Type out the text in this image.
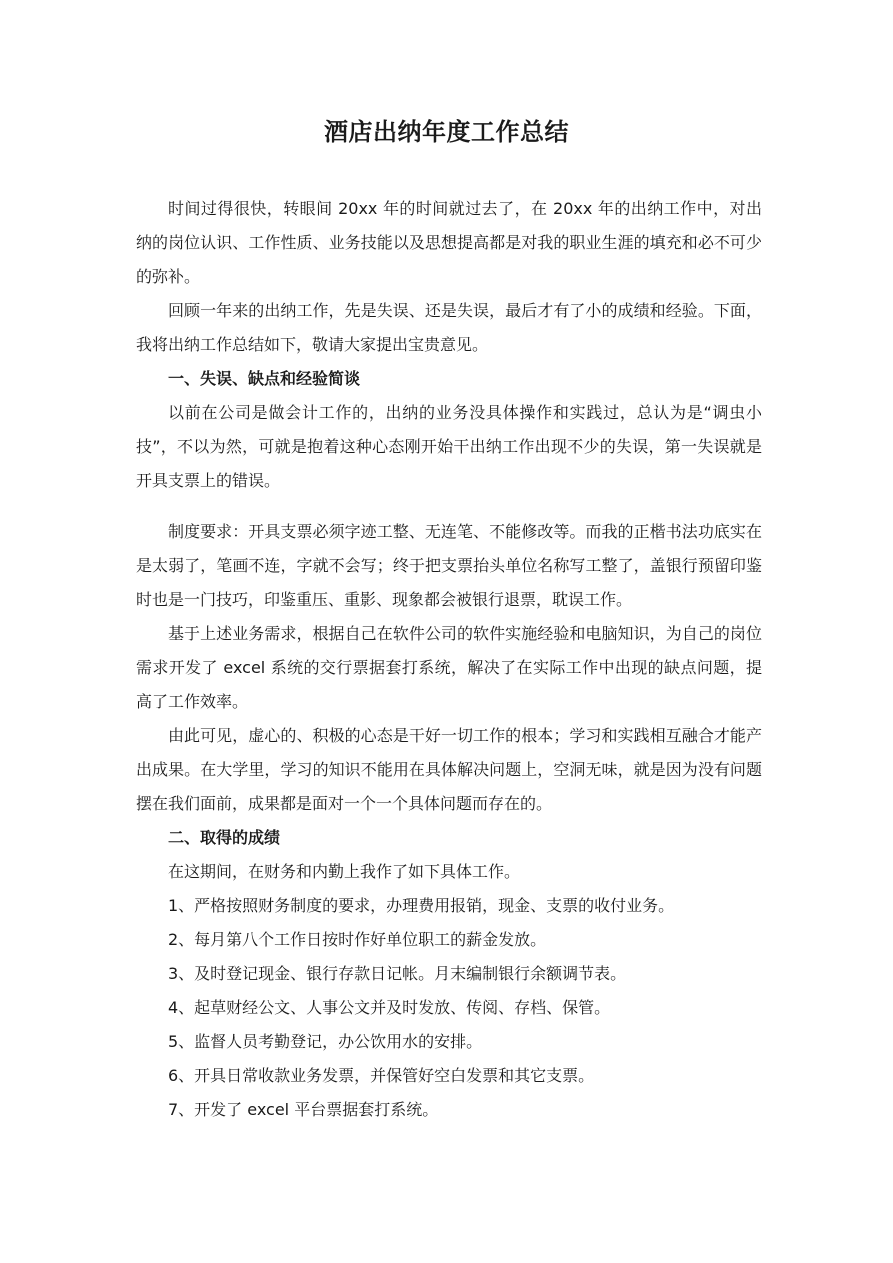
酒店出纳年度工作总结

时间过得很快，转眼间 20xx 年的时间就过去了，在 20xx 年的出纳工作中，对出纳的岗位认识、工作性质、业务技能以及思想提高都是对我的职业生涯的填充和必不可少的弥补。

回顾一年来的出纳工作，先是失误、还是失误，最后才有了小的成绩和经验。下面，我将出纳工作总结如下，敬请大家提出宝贵意见。

一、失误、缺点和经验简谈

以前在公司是做会计工作的，出纳的业务没具体操作和实践过，总认为是“调虫小技”，不以为然，可就是抱着这种心态刚开始干出纳工作出现不少的失误，第一失误就是开具支票上的错误。

制度要求：开具支票必须字迹工整、无连笔、不能修改等。而我的正楷书法功底实在是太弱了，笔画不连，字就不会写；终于把支票抬头单位名称写工整了，盖银行预留印鉴时也是一门技巧，印鉴重压、重影、现象都会被银行退票，耽误工作。

基于上述业务需求，根据自己在软件公司的软件实施经验和电脑知识，为自己的岗位需求开发了 excel 系统的交行票据套打系统，解决了在实际工作中出现的缺点问题，提高了工作效率。

由此可见，虚心的、积极的心态是干好一切工作的根本；学习和实践相互融合才能产出成果。在大学里，学习的知识不能用在具体解决问题上，空洞无味，就是因为没有问题摆在我们面前，成果都是面对一个一个具体问题而存在的。

二、取得的成绩

在这期间，在财务和内勤上我作了如下具体工作。

1、严格按照财务制度的要求，办理费用报销，现金、支票的收付业务。

2、每月第八个工作日按时作好单位职工的薪金发放。

3、及时登记现金、银行存款日记帐。月末编制银行余额调节表。

4、起草财经公文、人事公文并及时发放、传阅、存档、保管。

5、监督人员考勤登记，办公饮用水的安排。

6、开具日常收款业务发票，并保管好空白发票和其它支票。

7、开发了 excel 平台票据套打系统。
